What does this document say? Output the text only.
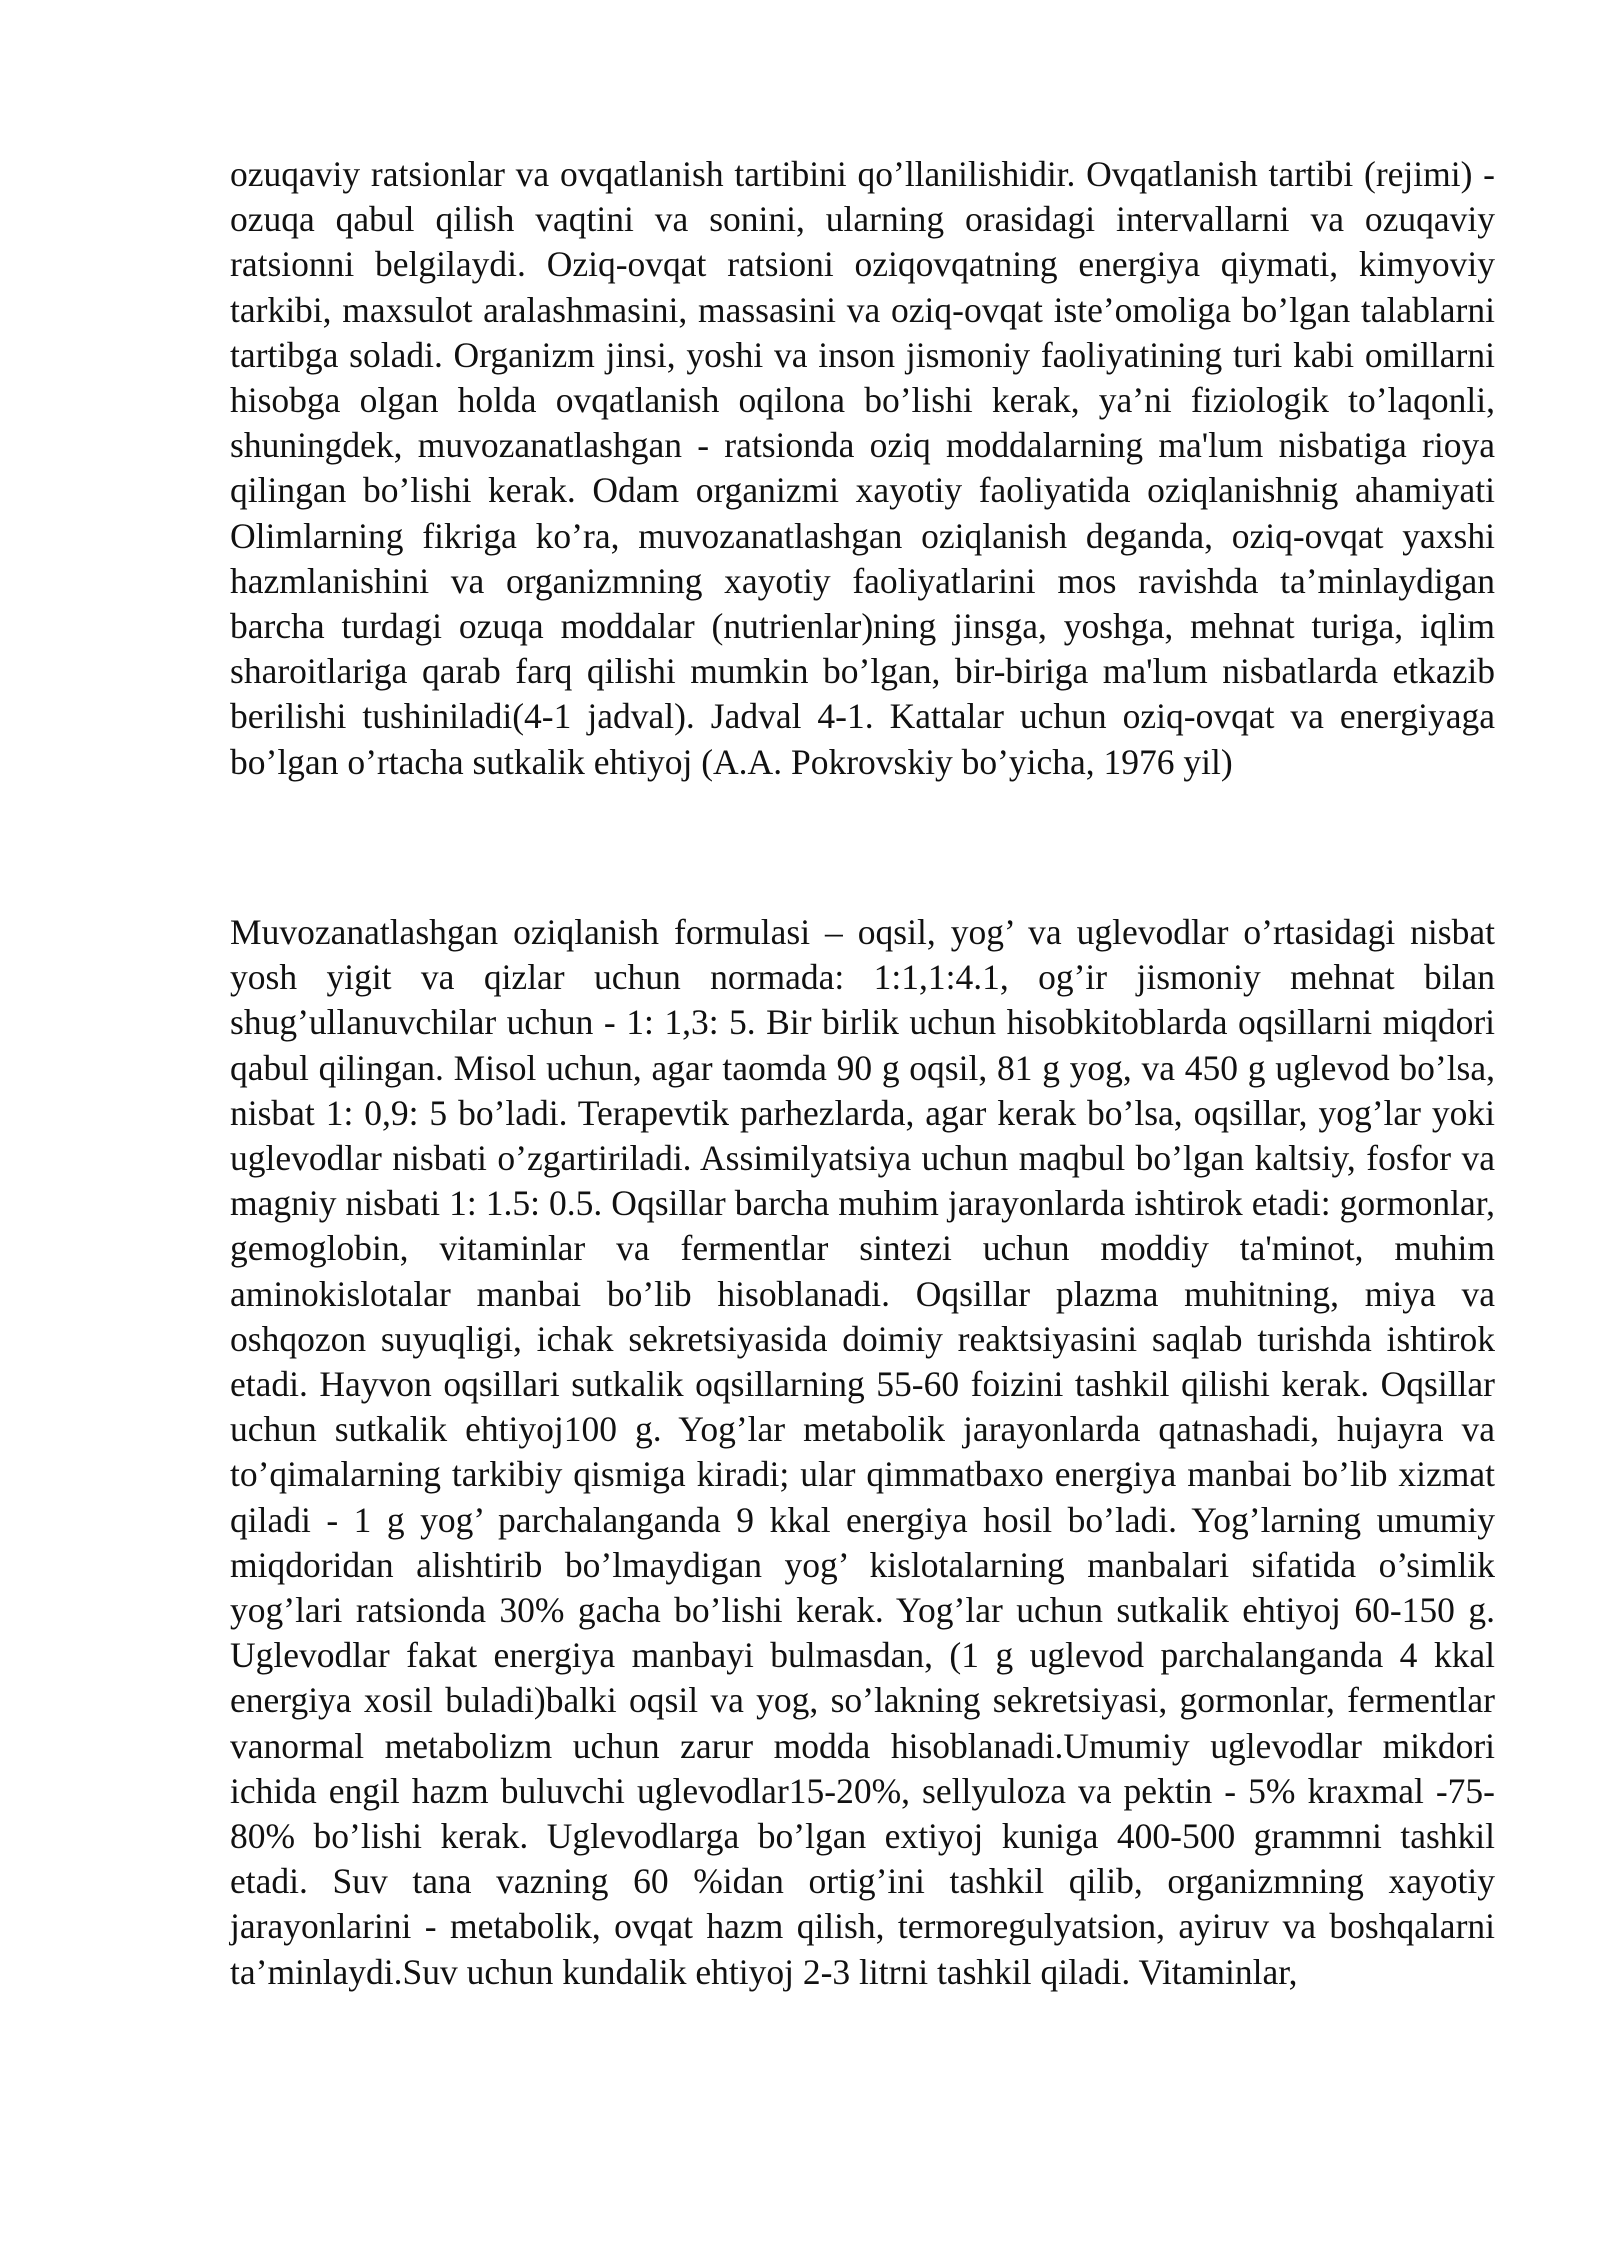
ozuqaviy ratsionlar va ovqatlanish tartibini qo’llanilishidir. Ovqatlanish tartibi (rejimi) - ozuqa qabul qilish vaqtini va sonini, ularning orasidagi intervallarni va ozuqaviy ratsionni belgilaydi. Oziq-ovqat ratsioni oziqovqatning energiya qiymati, kimyoviy tarkibi, maxsulot aralashmasini, massasini va oziq-ovqat iste’omoliga bo’lgan talablarni tartibga soladi. Organizm jinsi, yoshi va inson jismoniy faoliyatining turi kabi omillarni hisobga olgan holda ovqatlanish oqilona bo’lishi kerak, ya’ni fiziologik to’laqonli, shuningdek, muvozanatlashgan - ratsionda oziq moddalarning ma'lum nisbatiga rioya qilingan bo’lishi kerak. Odam organizmi xayotiy faoliyatida oziqlanishnig ahamiyati Olimlarning fikriga ko’ra, muvozanatlashgan oziqlanish deganda, oziq-ovqat yaxshi hazmlanishini va organizmning xayotiy faoliyatlarini mos ravishda ta’minlaydigan barcha turdagi ozuqa moddalar (nutrienlar)ning jinsga, yoshga, mehnat turiga, iqlim sharoitlariga qarab farq qilishi mumkin bo’lgan, bir-biriga ma'lum nisbatlarda etkazib berilishi tushiniladi(4-1 jadval). Jadval 4-1. Kattalar uchun oziq-ovqat va energiyaga bo’lgan o’rtacha sutkalik ehtiyoj (A.A. Pokrovskiy bo’yicha, 1976 yil)

Muvozanatlashgan oziqlanish formulasi – oqsil, yog’ va uglevodlar o’rtasidagi nisbat yosh yigit va qizlar uchun normada: 1:1,1:4.1, og’ir jismoniy mehnat bilan shug’ullanuvchilar uchun - 1: 1,3: 5. Bir birlik uchun hisobkitoblarda oqsillarni miqdori qabul qilingan. Misol uchun, agar taomda 90 g oqsil, 81 g yog, va 450 g uglevod bo’lsa, nisbat 1: 0,9: 5 bo’ladi. Terapevtik parhezlarda, agar kerak bo’lsa, oqsillar, yog’lar yoki uglevodlar nisbati o’zgartiriladi. Assimilyatsiya uchun maqbul bo’lgan kaltsiy, fosfor va magniy nisbati 1: 1.5: 0.5. Oqsillar barcha muhim jarayonlarda ishtirok etadi: gormonlar, gemoglobin, vitaminlar va fermentlar sintezi uchun moddiy ta'minot, muhim aminokislotalar manbai bo’lib hisoblanadi. Oqsillar plazma muhitning, miya va oshqozon suyuqligi, ichak sekretsiyasida doimiy reaktsiyasini saqlab turishda ishtirok etadi. Hayvon oqsillari sutkalik oqsillarning 55-60 foizini tashkil qilishi kerak. Oqsillar uchun sutkalik ehtiyoj100 g. Yog’lar metabolik jarayonlarda qatnashadi, hujayra va to’qimalarning tarkibiy qismiga kiradi; ular qimmatbaxo energiya manbai bo’lib xizmat qiladi - 1 g yog’ parchalanganda 9 kkal energiya hosil bo’ladi. Yog’larning umumiy miqdoridan alishtirib bo’lmaydigan yog’ kislotalarning manbalari sifatida o’simlik yog’lari ratsionda 30% gacha bo’lishi kerak. Yog’lar uchun sutkalik ehtiyoj 60-150 g. Uglevodlar fakat energiya manbayi bulmasdan, (1 g uglevod parchalanganda 4 kkal energiya xosil buladi)balki oqsil va yog, so’lakning sekretsiyasi, gormonlar, fermentlar vanormal metabolizm uchun zarur modda hisoblanadi.Umumiy uglevodlar mikdori ichida engil hazm buluvchi uglevodlar15-20%, sellyuloza va pektin - 5% kraxmal -75-80% bo’lishi kerak. Uglevodlarga bo’lgan extiyoj kuniga 400-500 grammni tashkil etadi. Suv tana vazning 60 %idan ortig’ini tashkil qilib, organizmning xayotiy jarayonlarini - metabolik, ovqat hazm qilish, termoregulyatsion, ayiruv va boshqalarni ta’minlaydi.Suv uchun kundalik ehtiyoj 2-3 litrni tashkil qiladi. Vitaminlar,
